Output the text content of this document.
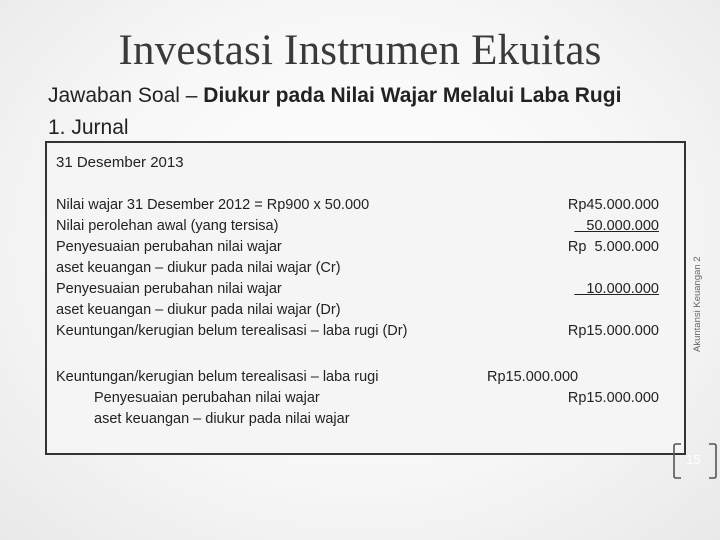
Investasi Instrumen Ekuitas
Jawaban Soal – Diukur pada Nilai Wajar Melalui Laba Rugi
1. Jurnal
31 Desember 2013
Nilai wajar 31 Desember 2012 = Rp900 x 50.000
Nilai perolehan awal (yang tersisa)
Penyesuaian perubahan nilai wajar
aset keuangan – diukur pada nilai wajar (Cr)
Penyesuaian perubahan nilai wajar
aset keuangan – diukur pada nilai wajar (Dr)
Keuntungan/kerugian belum terealisasi – laba rugi (Dr)
Rp45.000.000
50.000.000
Rp  5.000.000
10.000.000
Rp15.000.000
Keuntungan/kerugian belum terealisasi – laba rugi
Penyesuaian perubahan nilai wajar
aset keuangan – diukur pada nilai wajar
Rp15.000.000
Rp15.000.000
Akuntansi Keuangan 2
15
